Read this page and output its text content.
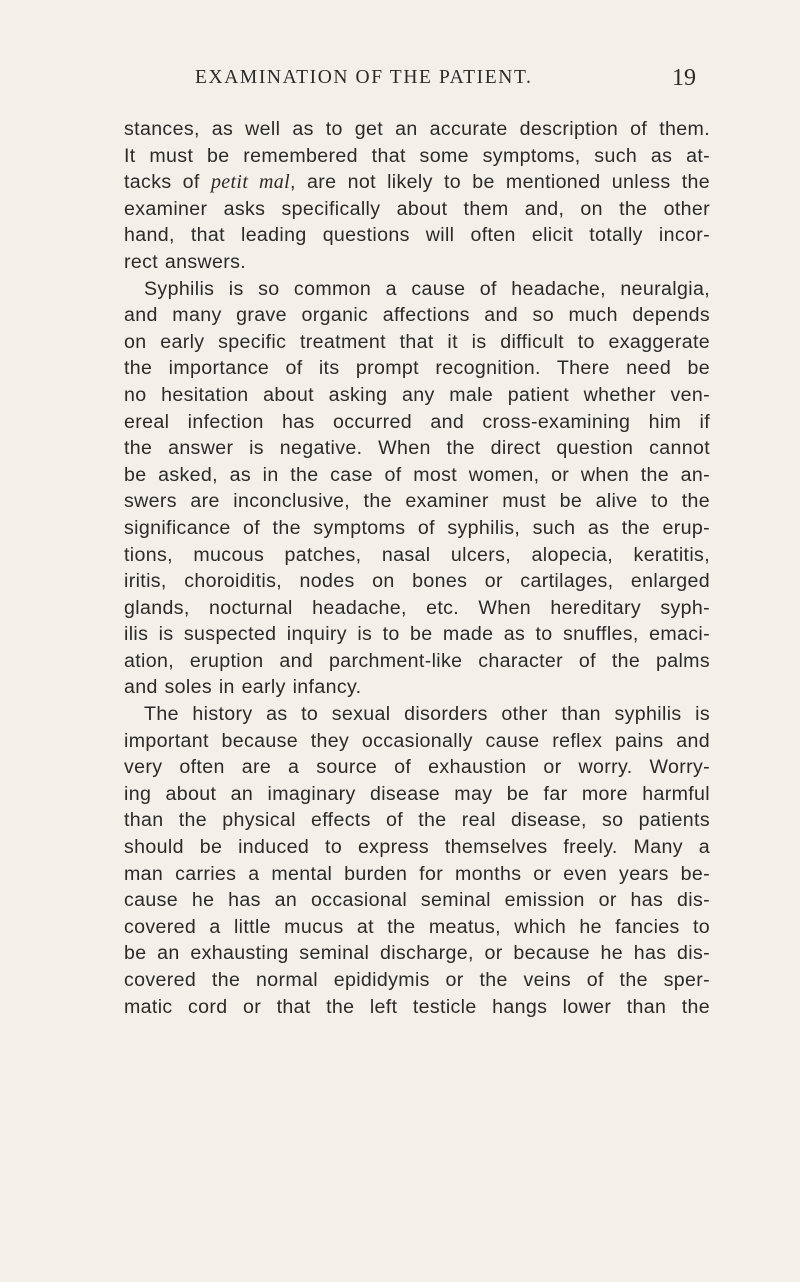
EXAMINATION OF THE PATIENT.	19
stances, as well as to get an accurate description of them.
It must be remembered that some symptoms, such as at-
tacks of petit mal, are not likely to be mentioned unless the
examiner asks specifically about them and, on the other
hand, that leading questions will often elicit totally incor-
rect answers.
Syphilis is so common a cause of headache, neuralgia,
and many grave organic affections and so much depends
on early specific treatment that it is difficult to exaggerate
the importance of its prompt recognition. There need be
no hesitation about asking any male patient whether ven-
ereal infection has occurred and cross-examining him if
the answer is negative. When the direct question cannot
be asked, as in the case of most women, or when the an-
swers are inconclusive, the examiner must be alive to the
significance of the symptoms of syphilis, such as the erup-
tions, mucous patches, nasal ulcers, alopecia, keratitis,
iritis, choroiditis, nodes on bones or cartilages, enlarged
glands, nocturnal headache, etc. When hereditary syph-
ilis is suspected inquiry is to be made as to snuffles, emaci-
ation, eruption and parchment-like character of the palms
and soles in early infancy.
The history as to sexual disorders other than syphilis is
important because they occasionally cause reflex pains and
very often are a source of exhaustion or worry. Worry-
ing about an imaginary disease may be far more harmful
than the physical effects of the real disease, so patients
should be induced to express themselves freely. Many a
man carries a mental burden for months or even years be-
cause he has an occasional seminal emission or has dis-
covered a little mucus at the meatus, which he fancies to
be an exhausting seminal discharge, or because he has dis-
covered the normal epididymis or the veins of the sper-
matic cord or that the left testicle hangs lower than the
